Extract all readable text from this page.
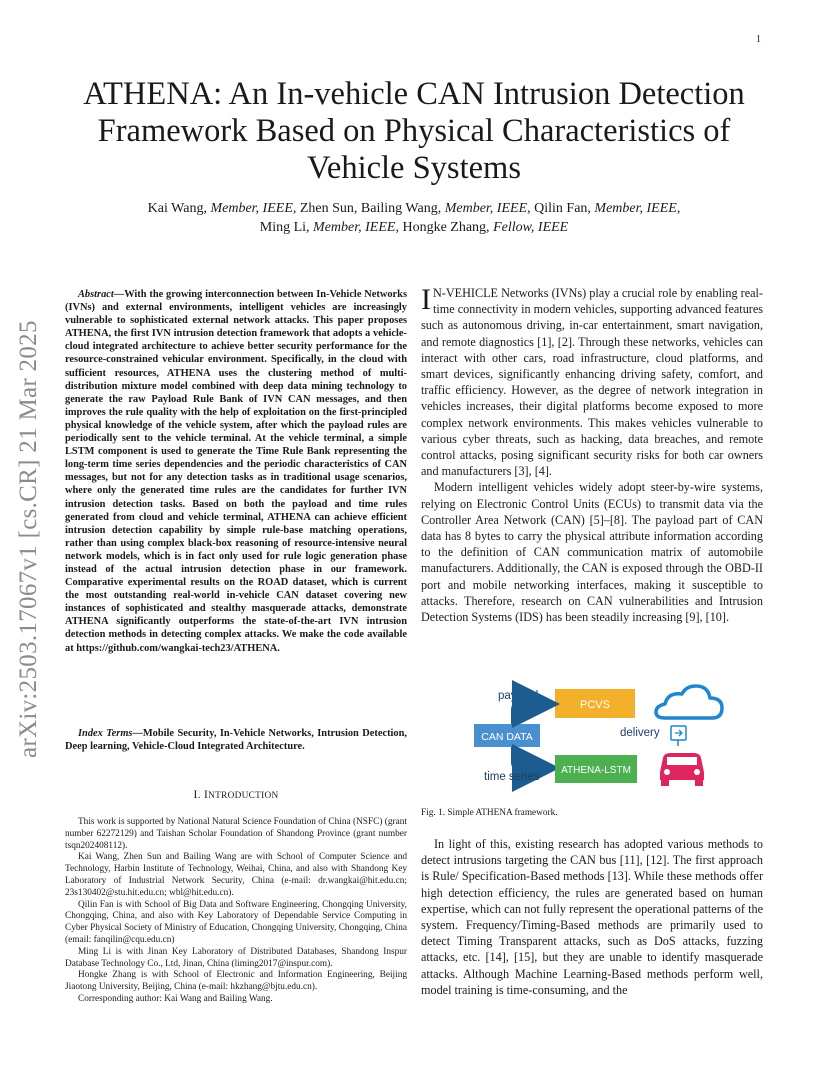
1
arXiv:2503.17067v1 [cs.CR] 21 Mar 2025
ATHENA: An In-vehicle CAN Intrusion Detection Framework Based on Physical Characteristics of Vehicle Systems

Kai Wang, Member, IEEE, Zhen Sun, Bailing Wang, Member, IEEE, Qilin Fan, Member, IEEE,

Ming Li, Member, IEEE, Hongke Zhang, Fellow, IEEE

Abstract—With the growing interconnection between In-Vehicle Networks (IVNs) and external environments, intelligent vehicles are increasingly vulnerable to sophisticated external network attacks. This paper proposes ATHENA, the first IVN intrusion detection framework that adopts a vehicle-cloud integrated architecture to achieve better security performance for the resource-constrained vehicular environment. Specifically, in the cloud with sufficient resources, ATHENA uses the clustering method of multi-distribution mixture model combined with deep data mining technology to generate the raw Payload Rule Bank of IVN CAN messages, and then improves the rule quality with the help of exploitation on the first-principled physical knowledge of the vehicle system, after which the payload rules are periodically sent to the vehicle terminal. At the vehicle terminal, a simple LSTM component is used to generate the Time Rule Bank representing the long-term time series dependencies and the periodic characteristics of CAN messages, but not for any detection tasks as in traditional usage scenarios, where only the generated time rules are the candidates for further IVN intrusion detection tasks. Based on both the payload and time rules generated from cloud and vehicle terminal, ATHENA can achieve efficient intrusion detection capability by simple rule-base matching operations, rather than using complex black-box reasoning of resource-intensive neural network models, which is in fact only used for rule logic generation phase instead of the actual intrusion detection phase in our framework. Comparative experimental results on the ROAD dataset, which is current the most outstanding real-world in-vehicle CAN dataset covering new instances of sophisticated and stealthy masquerade attacks, demonstrate ATHENA significantly outperforms the state-of-the-art IVN intrusion detection methods in detecting complex attacks. We make the code available at https://github.com/wangkai-tech23/ATHENA.

Index Terms—Mobile Security, In-Vehicle Networks, Intrusion Detection, Deep learning, Vehicle-Cloud Integrated Architecture.

I. INTRODUCTION

This work is supported by National Natural Science Foundation of China (NSFC) (grant number 62272129) and Taishan Scholar Foundation of Shandong Province (grant number tsqn202408112).

Kai Wang, Zhen Sun and Bailing Wang are with School of Computer Science and Technology, Harbin Institute of Technology, Weihai, China, and also with Shandong Key Laboratory of Industrial Network Security, China (e-mail: dr.wangkai@hit.edu.cn; 23s130402@stu.hit.edu.cn; wbl@hit.edu.cn).

Qilin Fan is with School of Big Data and Software Engineering, Chongqing University, Chongqing, China, and also with Key Laboratory of Dependable Service Computing in Cyber Physical Society of Ministry of Education, Chongqing University, Chongqing, China (email: fanqilin@cqu.edu.cn)

Ming Li is with Jinan Key Laboratory of Distributed Databases, Shandong Inspur Database Technology Co., Ltd, Jinan, China (liming2017@inspur.com).

Hongke Zhang is with School of Electronic and Information Engineering, Beijing Jiaotong University, Beijing, China (e-mail: hkzhang@bjtu.edu.cn).

Corresponding author: Kai Wang and Bailing Wang.

I N-VEHICLE Networks (IVNs) play a crucial role by enabling real-time connectivity in modern vehicles, supporting advanced features such as autonomous driving, in-car entertainment, smart navigation, and remote diagnostics [1], [2]. Through these networks, vehicles can interact with other cars, road infrastructure, cloud platforms, and smart devices, significantly enhancing driving safety, comfort, and traffic efficiency. However, as the degree of network integration in vehicles increases, their digital platforms become exposed to more complex network environments. This makes vehicles vulnerable to various cyber threats, such as hacking, data breaches, and remote control attacks, posing significant security risks for both car owners and manufacturers [3], [4].

Modern intelligent vehicles widely adopt steer-by-wire systems, relying on Electronic Control Units (ECUs) to transmit data via the Controller Area Network (CAN) [5]–[8]. The payload part of CAN data has 8 bytes to carry the physical attribute information according to the definition of CAN communication matrix of automobile manufacturers. Additionally, the CAN is exposed through the OBD-II port and mobile networking interfaces, making it susceptible to attacks. Therefore, research on CAN vulnerabilities and Intrusion Detection Systems (IDS) has been steadily increasing [9], [10].

payload
PCVS
CAN DATA
ATHENA-LSTM
time series
delivery
Fig. 1. Simple ATHENA framework.

In light of this, existing research has adopted various methods to detect intrusions targeting the CAN bus [11], [12]. The first approach is Rule/ Specification-Based methods [13]. While these methods offer high detection efficiency, the rules are generated based on human expertise, which can not fully represent the operational patterns of the system. Frequency/Timing-Based methods are primarily used to detect Timing Transparent attacks, such as DoS attacks, fuzzing attacks, etc. [14], [15], but they are unable to identify masquerade attacks. Although Machine Learning-Based methods perform well, model training is time-consuming, and the
